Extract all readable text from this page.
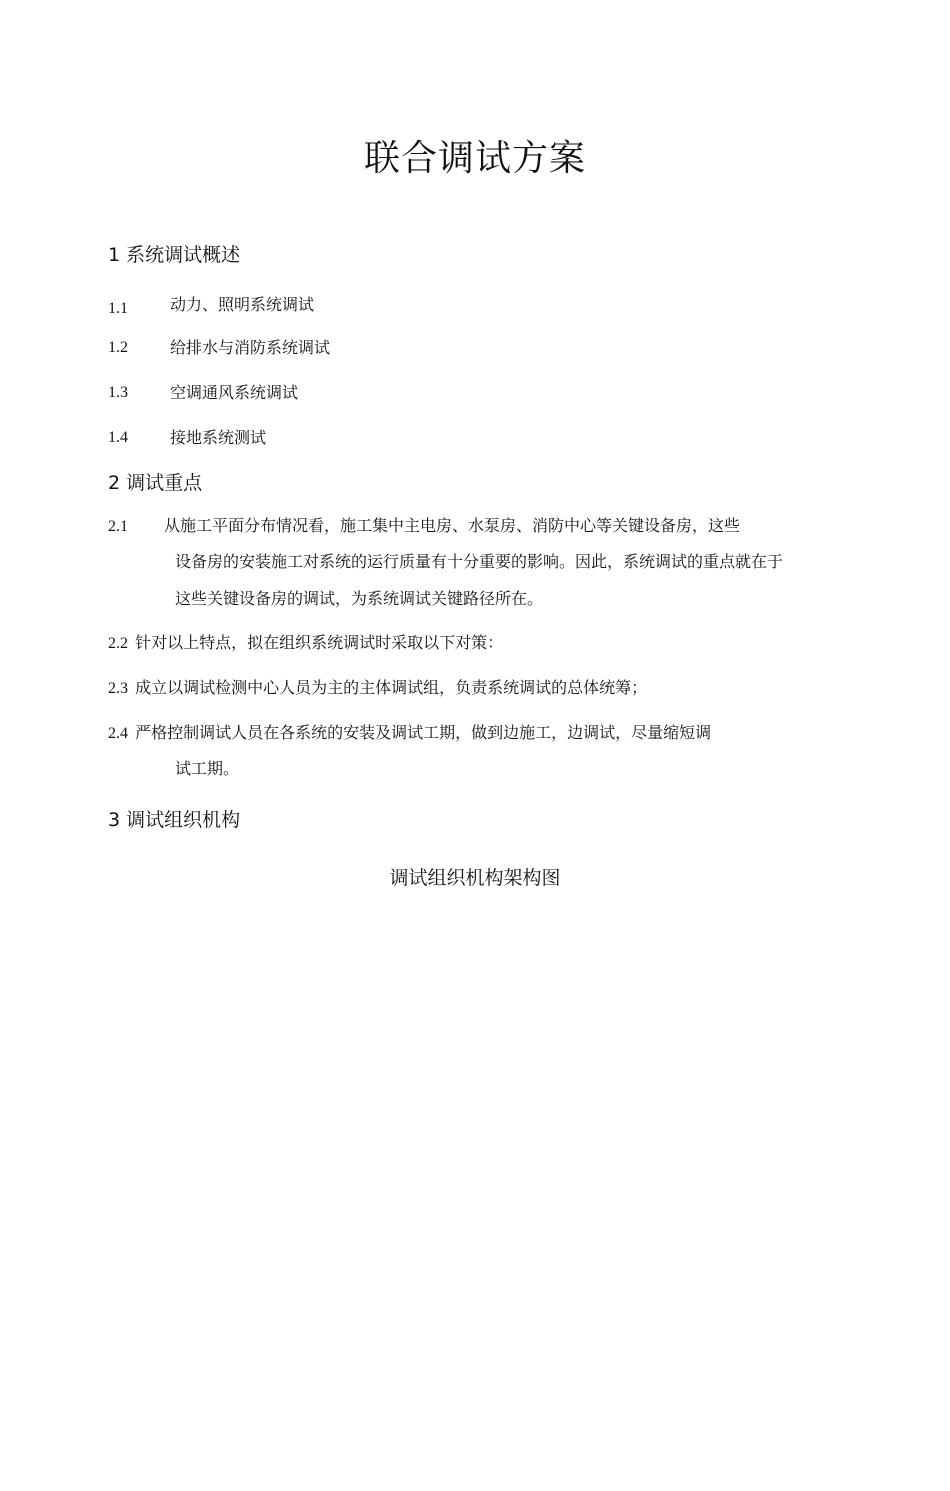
联合调试方案
1 系统调试概述
1.1	动力、照明系统调试
1.2	给排水与消防系统调试
1.3	空调通风系统调试
1.4	接地系统测试
2 调试重点
2.1 从施工平面分布情况看，施工集中主电房、水泵房、消防中心等关键设备房，这些
设备房的安装施工对系统的运行质量有十分重要的影响。因此，系统调试的重点就在于
这些关键设备房的调试，为系统调试关键路径所在。
2.2 针对以上特点，拟在组织系统调试时采取以下对策：
2.3 成立以调试检测中心人员为主的主体调试组，负责系统调试的总体统筹；
2.4 严格控制调试人员在各系统的安装及调试工期，做到边施工，边调试，尽量缩短调
试工期。
3 调试组织机构
调试组织机构架构图
